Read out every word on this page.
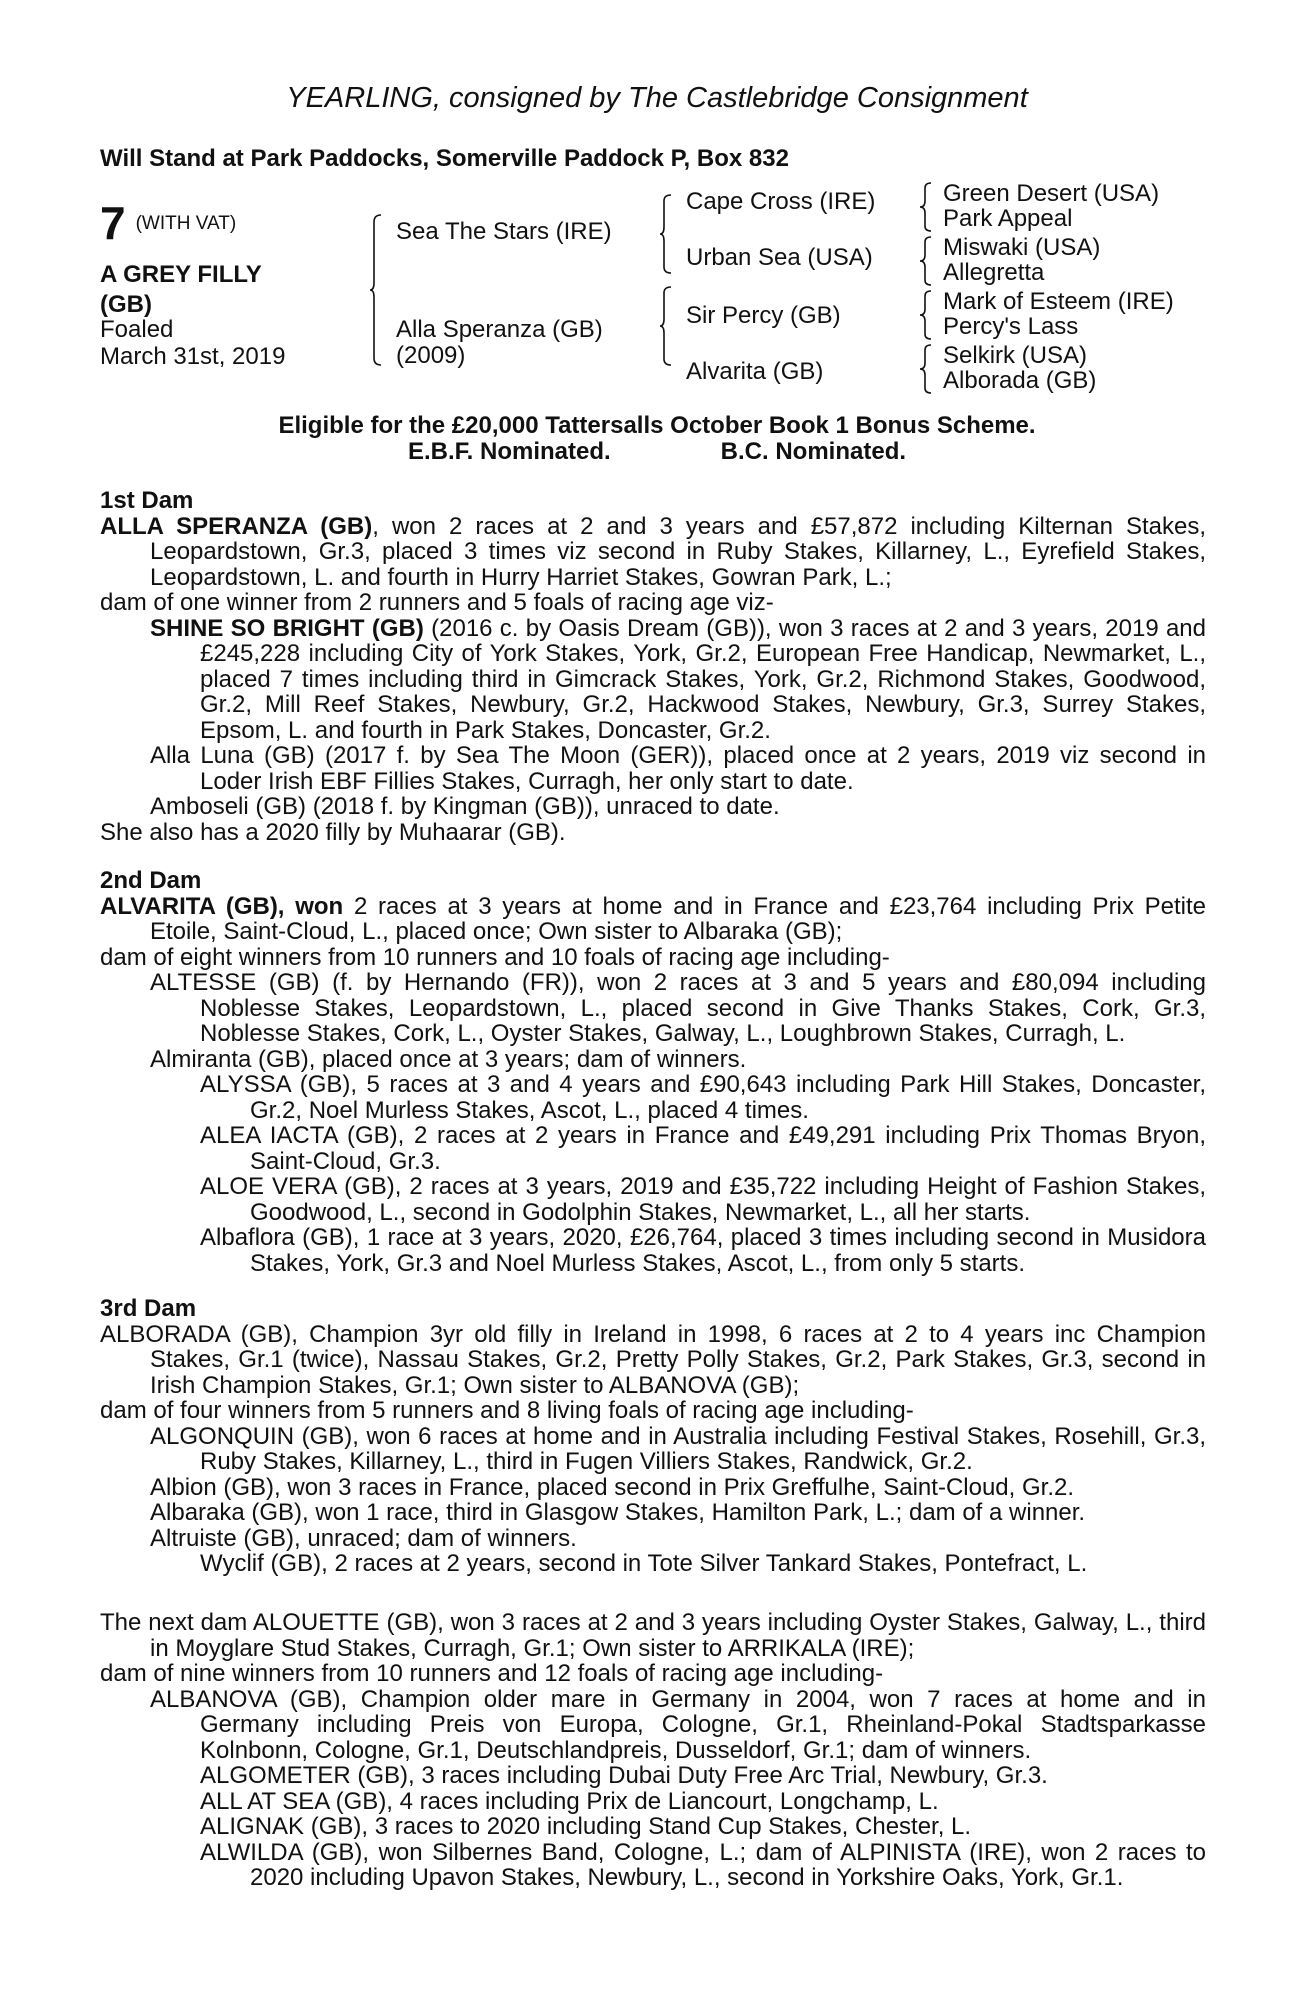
YEARLING, consigned by The Castlebridge Consignment
Will Stand at Park Paddocks, Somerville Paddock P, Box 832
7 (WITH VAT)
A GREY FILLY
(GB)
Foaled
March 31st, 2019
Sea The Stars (IRE)
Alla Speranza (GB)
(2009)
Cape Cross (IRE)
Urban Sea (USA)
Sir Percy (GB)
Alvarita (GB)
Green Desert (USA)
Park Appeal
Miswaki (USA)
Allegretta
Mark of Esteem (IRE)
Percy's Lass
Selkirk (USA)
Alborada (GB)
Eligible for the £20,000 Tattersalls October Book 1 Bonus Scheme.
E.B.F. Nominated.	B.C. Nominated.
1st Dam

ALLA SPERANZA (GB), won 2 races at 2 and 3 years and £57,872 including Kilternan Stakes, Leopardstown, Gr.3, placed 3 times viz second in Ruby Stakes, Killarney, L., Eyrefield Stakes, Leopardstown, L. and fourth in Hurry Harriet Stakes, Gowran Park, L.;

dam of one winner from 2 runners and 5 foals of racing age viz-

SHINE SO BRIGHT (GB) (2016 c. by Oasis Dream (GB)), won 3 races at 2 and 3 years, 2019 and £245,228 including City of York Stakes, York, Gr.2, European Free Handicap, Newmarket, L., placed 7 times including third in Gimcrack Stakes, York, Gr.2, Richmond Stakes, Goodwood, Gr.2, Mill Reef Stakes, Newbury, Gr.2, Hackwood Stakes, Newbury, Gr.3, Surrey Stakes, Epsom, L. and fourth in Park Stakes, Doncaster, Gr.2.

Alla Luna (GB) (2017 f. by Sea The Moon (GER)), placed once at 2 years, 2019 viz second in Loder Irish EBF Fillies Stakes, Curragh, her only start to date.

Amboseli (GB) (2018 f. by Kingman (GB)), unraced to date.

She also has a 2020 filly by Muhaarar (GB).

2nd Dam

ALVARITA (GB), won 2 races at 3 years at home and in France and £23,764 including Prix Petite Etoile, Saint-Cloud, L., placed once; Own sister to Albaraka (GB);

dam of eight winners from 10 runners and 10 foals of racing age including-

ALTESSE (GB) (f. by Hernando (FR)), won 2 races at 3 and 5 years and £80,094 including Noblesse Stakes, Leopardstown, L., placed second in Give Thanks Stakes, Cork, Gr.3, Noblesse Stakes, Cork, L., Oyster Stakes, Galway, L., Loughbrown Stakes, Curragh, L.

Almiranta (GB), placed once at 3 years; dam of winners.

ALYSSA (GB), 5 races at 3 and 4 years and £90,643 including Park Hill Stakes, Doncaster, Gr.2, Noel Murless Stakes, Ascot, L., placed 4 times.

ALEA IACTA (GB), 2 races at 2 years in France and £49,291 including Prix Thomas Bryon, Saint-Cloud, Gr.3.

ALOE VERA (GB), 2 races at 3 years, 2019 and £35,722 including Height of Fashion Stakes, Goodwood, L., second in Godolphin Stakes, Newmarket, L., all her starts.

Albaflora (GB), 1 race at 3 years, 2020, £26,764, placed 3 times including second in Musidora Stakes, York, Gr.3 and Noel Murless Stakes, Ascot, L., from only 5 starts.

3rd Dam

ALBORADA (GB), Champion 3yr old filly in Ireland in 1998, 6 races at 2 to 4 years inc Champion Stakes, Gr.1 (twice), Nassau Stakes, Gr.2, Pretty Polly Stakes, Gr.2, Park Stakes, Gr.3, second in Irish Champion Stakes, Gr.1; Own sister to ALBANOVA (GB);

dam of four winners from 5 runners and 8 living foals of racing age including-

ALGONQUIN (GB), won 6 races at home and in Australia including Festival Stakes, Rosehill, Gr.3, Ruby Stakes, Killarney, L., third in Fugen Villiers Stakes, Randwick, Gr.2.

Albion (GB), won 3 races in France, placed second in Prix Greffulhe, Saint-Cloud, Gr.2.

Albaraka (GB), won 1 race, third in Glasgow Stakes, Hamilton Park, L.; dam of a winner.

Altruiste (GB), unraced; dam of winners.

Wyclif (GB), 2 races at 2 years, second in Tote Silver Tankard Stakes, Pontefract, L.

The next dam ALOUETTE (GB), won 3 races at 2 and 3 years including Oyster Stakes, Galway, L., third in Moyglare Stud Stakes, Curragh, Gr.1; Own sister to ARRIKALA (IRE);

dam of nine winners from 10 runners and 12 foals of racing age including-

ALBANOVA (GB), Champion older mare in Germany in 2004, won 7 races at home and in Germany including Preis von Europa, Cologne, Gr.1, Rheinland-Pokal Stadtsparkasse Kolnbonn, Cologne, Gr.1, Deutschlandpreis, Dusseldorf, Gr.1; dam of winners.

ALGOMETER (GB), 3 races including Dubai Duty Free Arc Trial, Newbury, Gr.3.

ALL AT SEA (GB), 4 races including Prix de Liancourt, Longchamp, L.

ALIGNAK (GB), 3 races to 2020 including Stand Cup Stakes, Chester, L.

ALWILDA (GB), won Silbernes Band, Cologne, L.; dam of ALPINISTA (IRE), won 2 races to 2020 including Upavon Stakes, Newbury, L., second in Yorkshire Oaks, York, Gr.1.
